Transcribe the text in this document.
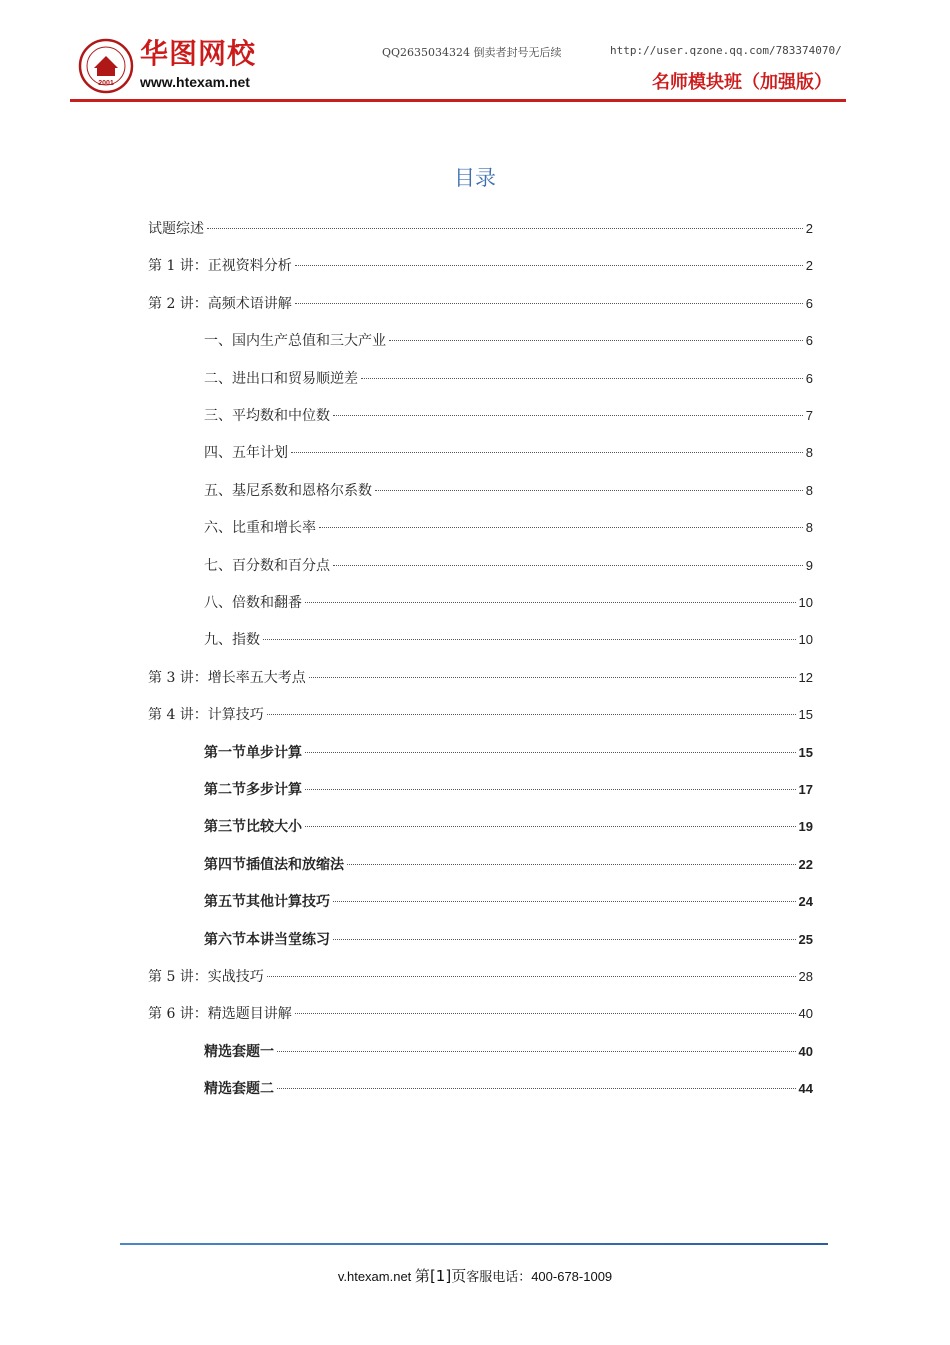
2001
华图网校
www.htexam.net
QQ2635034324 倒卖者封号无后续	http://user.qzone.qq.com/783374070/
名师模块班（加强版）
目录
试题综述	2
第 1 讲：正视资料分析	2
第 2 讲：高频术语讲解	6
一、国内生产总值和三大产业	6
二、进出口和贸易顺逆差	6
三、平均数和中位数	7
四、五年计划	8
五、基尼系数和恩格尔系数	8
六、比重和增长率	8
七、百分数和百分点	9
八、倍数和翻番	10
九、指数	10
第 3 讲：增长率五大考点	12
第 4 讲：计算技巧	15
第一节单步计算	15
第二节多步计算	17
第三节比较大小	19
第四节插值法和放缩法	22
第五节其他计算技巧	24
第六节本讲当堂练习	25
第 5 讲：实战技巧	28
第 6 讲：精选题目讲解	40
精选套题一	40
精选套题二	44
v.htexam.net 第[1]页客服电话：400-678-1009
